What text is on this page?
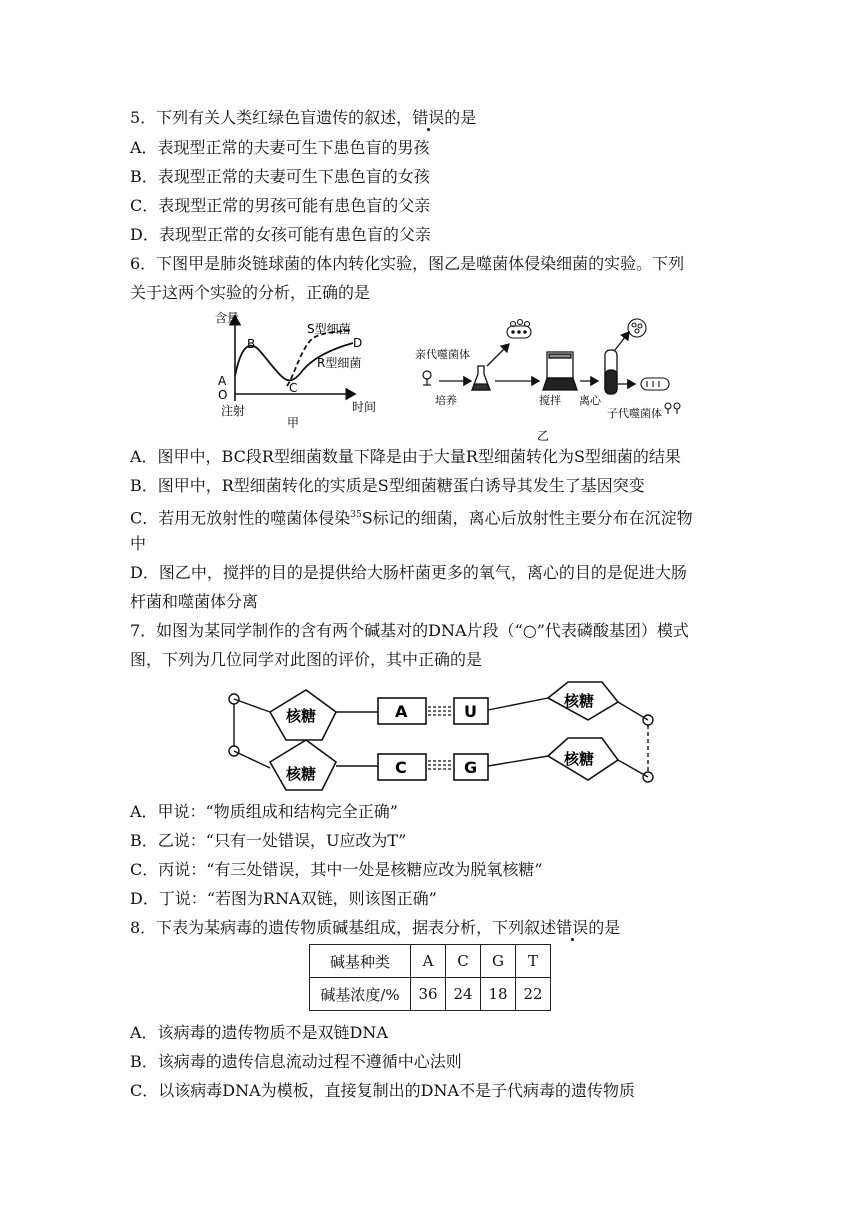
5．下列有关人类红绿色盲遗传的叙述，错误的是
A．表现型正常的夫妻可生下患色盲的男孩
B．表现型正常的夫妻可生下患色盲的女孩
C．表现型正常的男孩可能有患色盲的父亲
D．表现型正常的女孩可能有患色盲的父亲
6．下图甲是肺炎链球菌的体内转化实验，图乙是噬菌体侵染细菌的实验。下列
关于这两个实验的分析，正确的是
含量
S型细菌
D
B
R型细菌
C
A
O
注射	时间
甲
亲代噬菌体
培养	搅拌 离心
子代噬菌体
乙
A．图甲中，BC段R型细菌数量下降是由于大量R型细菌转化为S型细菌的结果
B．图甲中，R型细菌转化的实质是S型细菌糖蛋白诱导其发生了基因突变
C．若用无放射性的噬菌体侵染$^{35}$S标记的细菌，离心后放射性主要分布在沉淀物
中
D．图乙中，搅拌的目的是提供给大肠杆菌更多的氧气，离心的目的是促进大肠
杆菌和噬菌体分离
7．如图为某同学制作的含有两个碱基对的DNA片段（“○”代表磷酸基团）模式
图，下列为几位同学对此图的评价，其中正确的是
核糖
核糖
核糖
核糖
A	U
C	G
A．甲说：“物质组成和结构完全正确”
B．乙说：“只有一处错误，U应改为T”
C．丙说：“有三处错误，其中一处是核糖应改为脱氧核糖”
D．丁说：“若图为RNA双链，则该图正确”
8．下表为某病毒的遗传物质碱基组成，据表分析，下列叙述错误的是
碱基种类	A	C	G	T
碱基浓度/%	36	24	18	22
A．该病毒的遗传物质不是双链DNA
B．该病毒的遗传信息流动过程不遵循中心法则
C．以该病毒DNA为模板，直接复制出的DNA不是子代病毒的遗传物质
